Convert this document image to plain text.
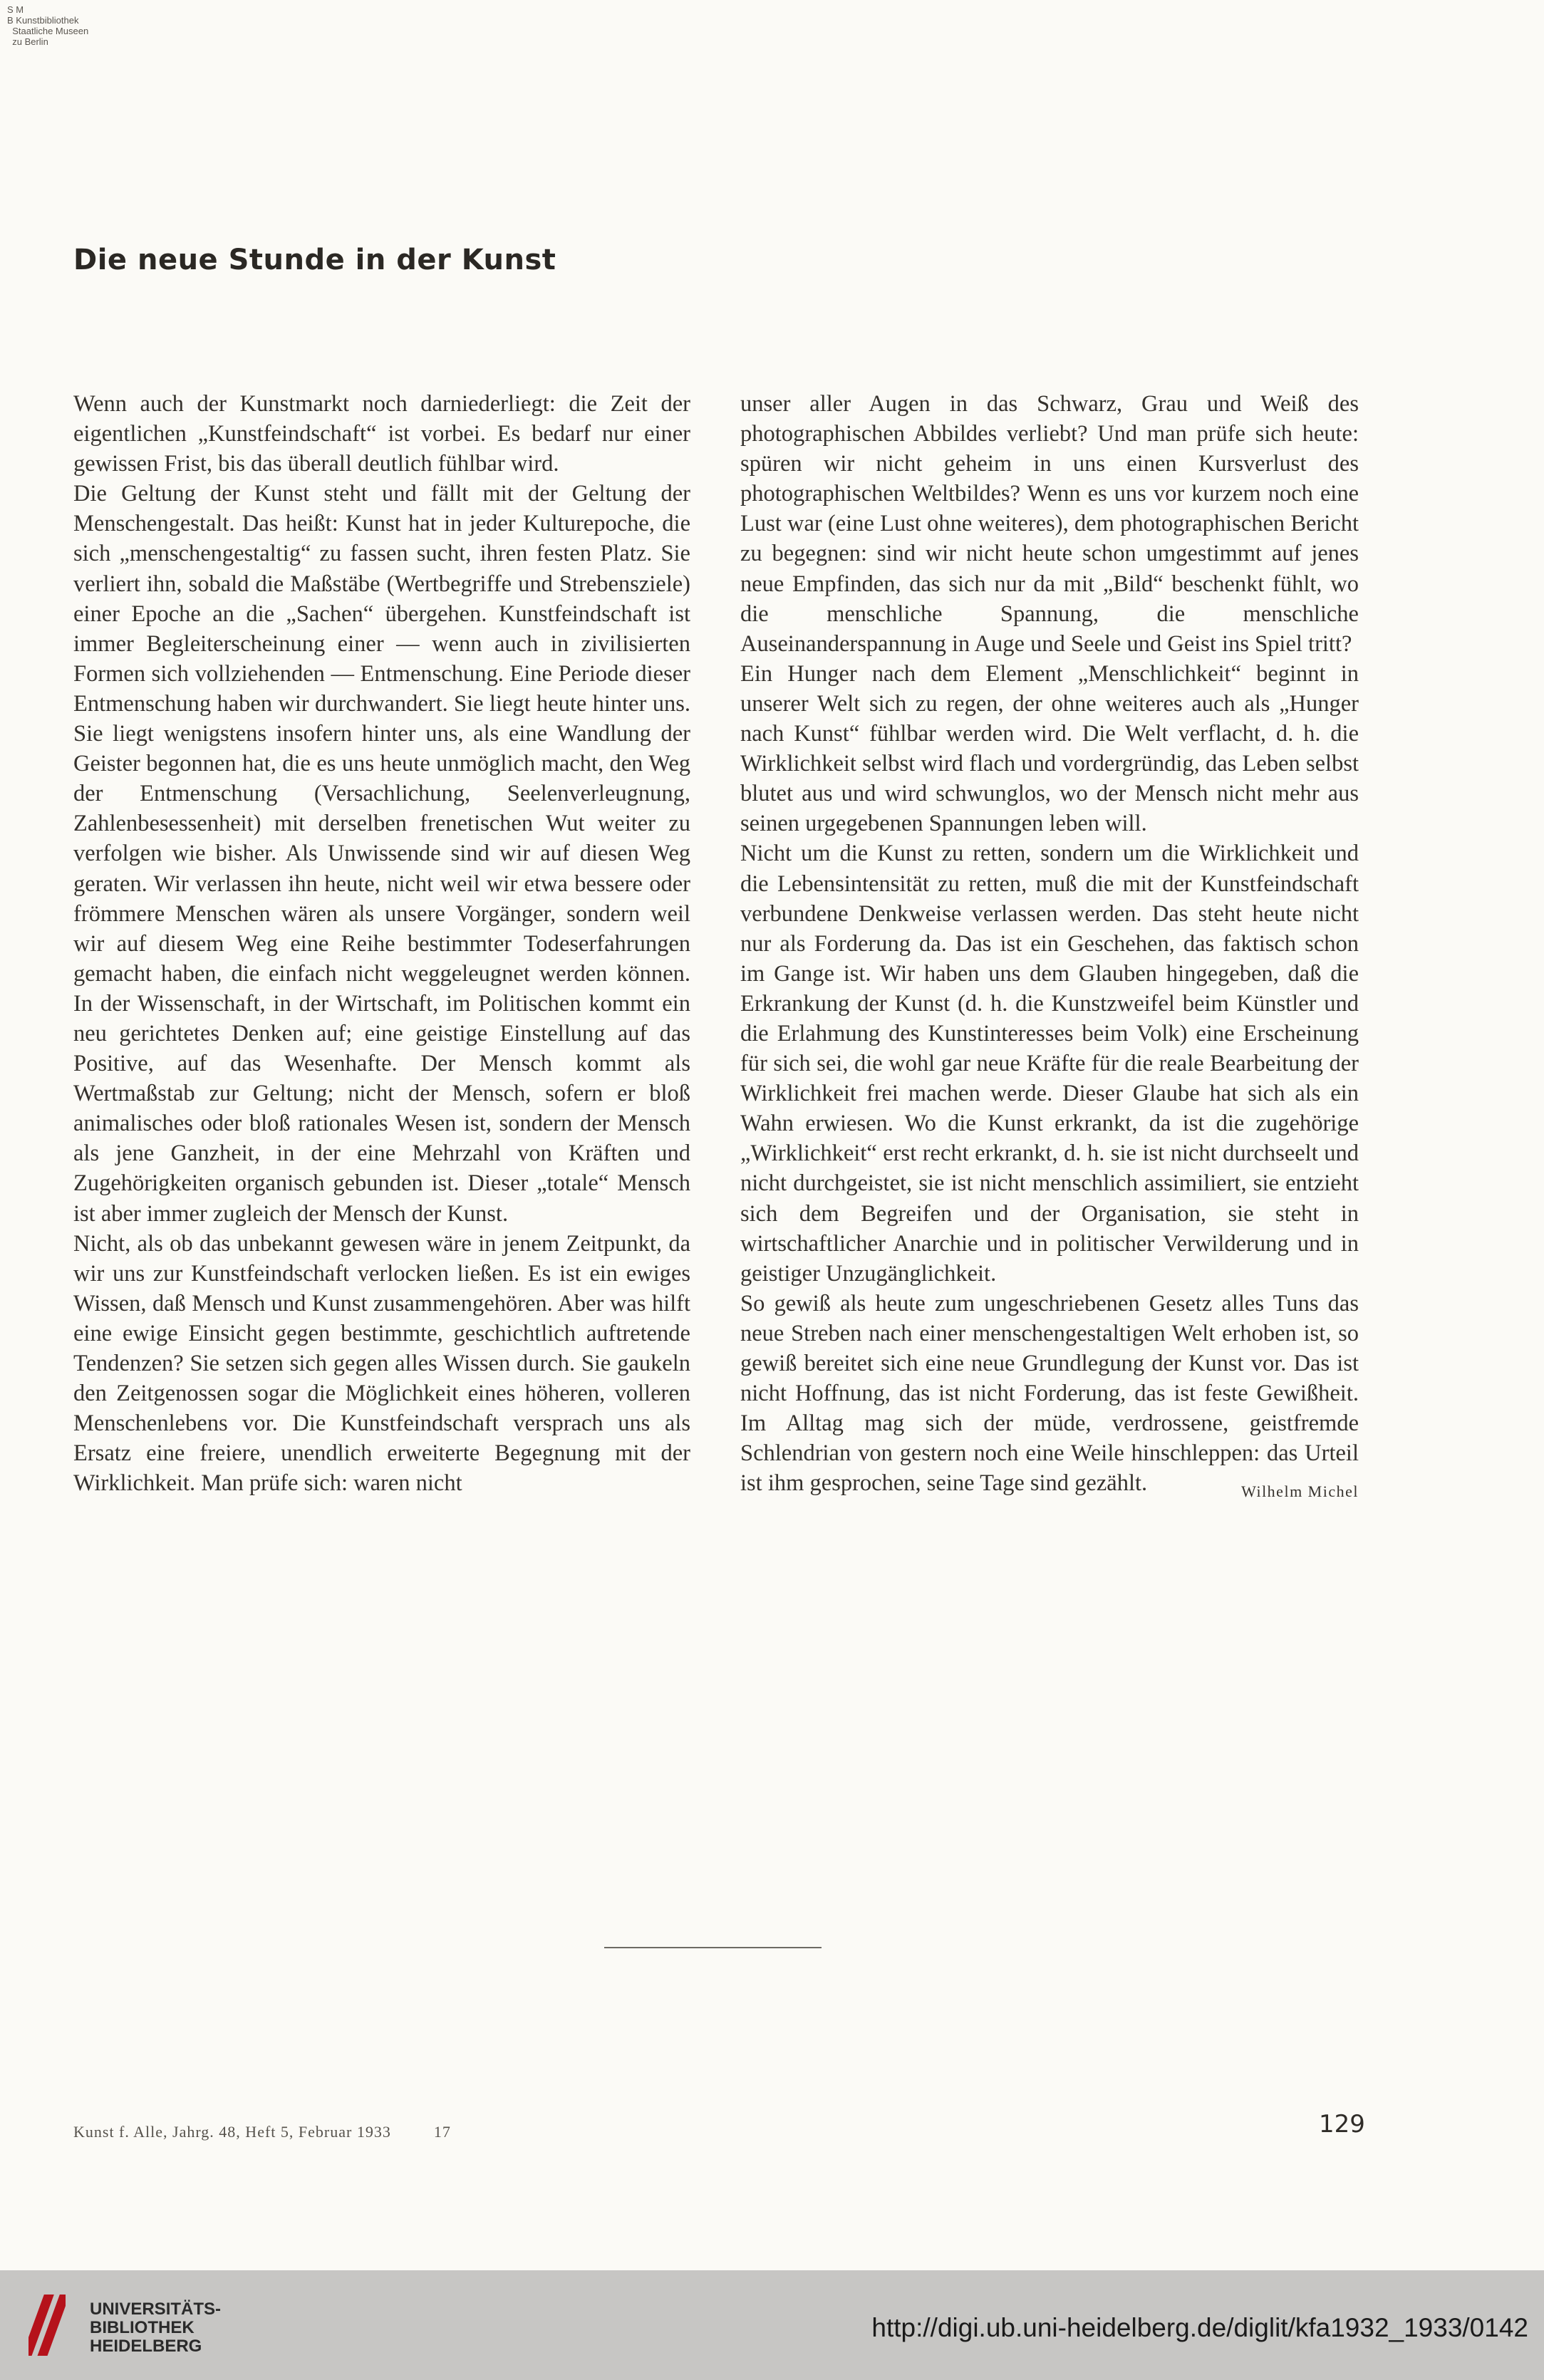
S M
B Kunstbibliothek
Staatliche Museen
zu Berlin
Die neue Stunde in der Kunst

Wenn auch der Kunstmarkt noch darniederliegt: die Zeit der eigentlichen „Kunstfeindschaft“ ist vorbei. Es bedarf nur einer gewissen Frist, bis das überall deutlich fühlbar wird.

Die Geltung der Kunst steht und fällt mit der Geltung der Menschengestalt. Das heißt: Kunst hat in jeder Kulturepoche, die sich „menschengestaltig“ zu fassen sucht, ihren festen Platz. Sie verliert ihn, sobald die Maßstäbe (Wertbegriffe und Strebensziele) einer Epoche an die „Sachen“ übergehen. Kunstfeindschaft ist immer Begleiterscheinung einer — wenn auch in zivilisierten Formen sich vollziehenden — Entmenschung. Eine Periode dieser Entmenschung haben wir durchwandert. Sie liegt heute hinter uns. Sie liegt wenigstens insofern hinter uns, als eine Wandlung der Geister begonnen hat, die es uns heute unmöglich macht, den Weg der Entmenschung (Versachlichung, Seelenverleugnung, Zahlenbesessenheit) mit derselben frenetischen Wut weiter zu verfolgen wie bisher. Als Unwissende sind wir auf diesen Weg geraten. Wir verlassen ihn heute, nicht weil wir etwa bessere oder frömmere Menschen wären als unsere Vorgänger, sondern weil wir auf diesem Weg eine Reihe bestimmter Todeserfahrungen gemacht haben, die einfach nicht weggeleugnet werden können. In der Wissenschaft, in der Wirtschaft, im Politischen kommt ein neu gerichtetes Denken auf; eine geistige Einstellung auf das Positive, auf das Wesenhafte. Der Mensch kommt als Wertmaßstab zur Geltung; nicht der Mensch, sofern er bloß animalisches oder bloß rationales Wesen ist, sondern der Mensch als jene Ganzheit, in der eine Mehrzahl von Kräften und Zugehörigkeiten organisch gebunden ist. Dieser „totale“ Mensch ist aber immer zugleich der Mensch der Kunst.

Nicht, als ob das unbekannt gewesen wäre in jenem Zeitpunkt, da wir uns zur Kunstfeindschaft verlocken ließen. Es ist ein ewiges Wissen, daß Mensch und Kunst zusammengehören. Aber was hilft eine ewige Einsicht gegen bestimmte, geschichtlich auftretende Tendenzen? Sie setzen sich gegen alles Wissen durch. Sie gaukeln den Zeitgenossen sogar die Möglichkeit eines höheren, volleren Menschenlebens vor. Die Kunstfeindschaft versprach uns als Ersatz eine freiere, unendlich erweiterte Begegnung mit der Wirklichkeit. Man prüfe sich: waren nicht

unser aller Augen in das Schwarz, Grau und Weiß des photographischen Abbildes verliebt? Und man prüfe sich heute: spüren wir nicht geheim in uns einen Kursverlust des photographischen Weltbildes? Wenn es uns vor kurzem noch eine Lust war (eine Lust ohne weiteres), dem photographischen Bericht zu begegnen: sind wir nicht heute schon umgestimmt auf jenes neue Empfinden, das sich nur da mit „Bild“ beschenkt fühlt, wo die menschliche Spannung, die menschliche Auseinanderspannung in Auge und Seele und Geist ins Spiel tritt?

Ein Hunger nach dem Element „Menschlichkeit“ beginnt in unserer Welt sich zu regen, der ohne weiteres auch als „Hunger nach Kunst“ fühlbar werden wird. Die Welt verflacht, d. h. die Wirklichkeit selbst wird flach und vordergründig, das Leben selbst blutet aus und wird schwunglos, wo der Mensch nicht mehr aus seinen urgegebenen Spannungen leben will.

Nicht um die Kunst zu retten, sondern um die Wirklichkeit und die Lebensintensität zu retten, muß die mit der Kunstfeindschaft verbundene Denkweise verlassen werden. Das steht heute nicht nur als Forderung da. Das ist ein Geschehen, das faktisch schon im Gange ist. Wir haben uns dem Glauben hingegeben, daß die Erkrankung der Kunst (d. h. die Kunstzweifel beim Künstler und die Erlahmung des Kunstinteresses beim Volk) eine Erscheinung für sich sei, die wohl gar neue Kräfte für die reale Bearbeitung der Wirklichkeit frei machen werde. Dieser Glaube hat sich als ein Wahn erwiesen. Wo die Kunst erkrankt, da ist die zugehörige „Wirklichkeit“ erst recht erkrankt, d. h. sie ist nicht durchseelt und nicht durchgeistet, sie ist nicht menschlich assimiliert, sie entzieht sich dem Begreifen und der Organisation, sie steht in wirtschaftlicher Anarchie und in politischer Verwilderung und in geistiger Unzugänglichkeit.

So gewiß als heute zum ungeschriebenen Gesetz alles Tuns das neue Streben nach einer menschengestaltigen Welt erhoben ist, so gewiß bereitet sich eine neue Grundlegung der Kunst vor. Das ist nicht Hoffnung, das ist nicht Forderung, das ist feste Gewißheit. Im Alltag mag sich der müde, verdrossene, geistfremde Schlendrian von gestern noch eine Weile hinschleppen: das Urteil ist ihm gesprochen, seine Tage sind gezählt.	Wilhelm Michel

Kunst f. Alle, Jahrg. 48, Heft 5, Februar 1933	17	129
UNIVERSITÄTS-
BIBLIOTHEK
HEIDELBERG
http://digi.ub.uni-heidelberg.de/diglit/kfa1932_1933/0142
